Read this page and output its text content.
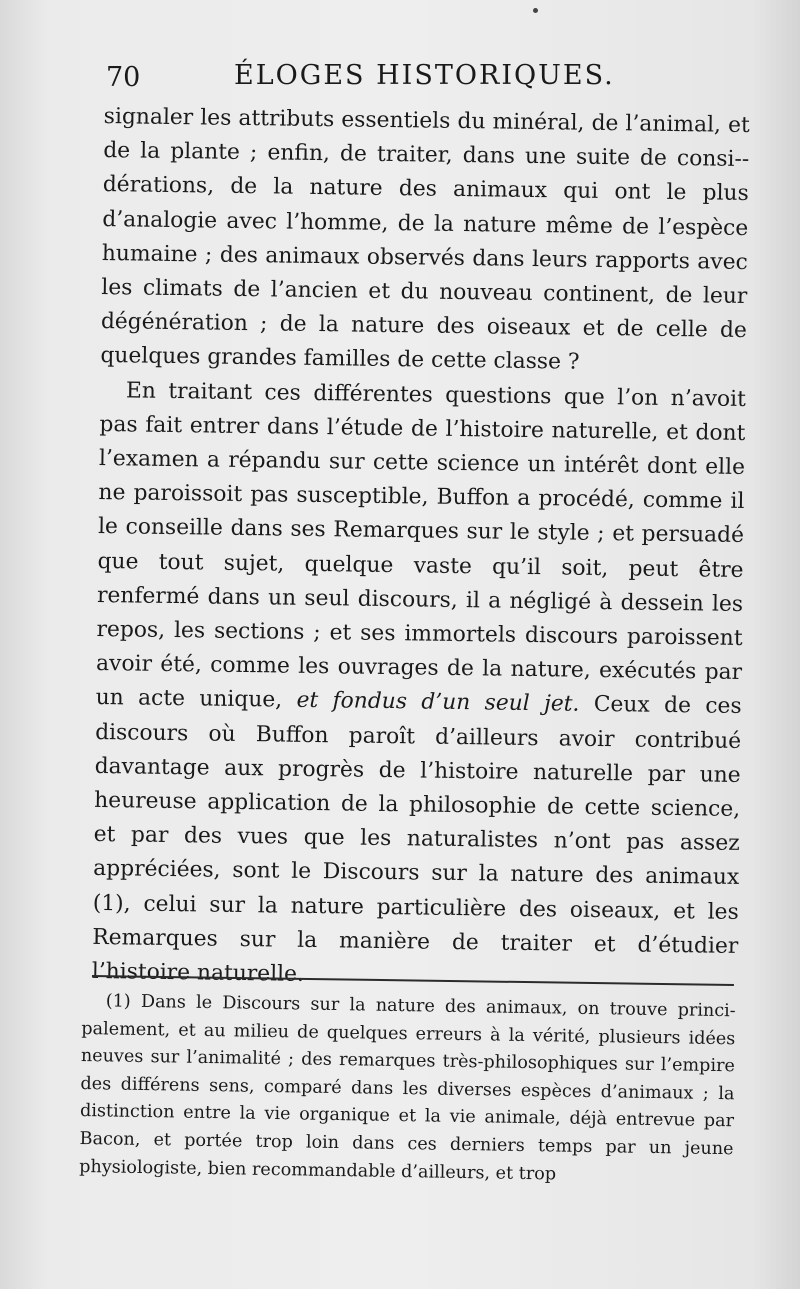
70	ÉLOGES HISTORIQUES.

signaler les attributs essentiels du minéral, de l’animal, et de la plante ; enfin, de traiter, dans une suite de consi-dérations, de la nature des animaux qui ont le plus d’analogie avec l’homme, de la nature même de l’espèce humaine ; des animaux observés dans leurs rapports avec les climats de l’ancien et du nouveau continent, de leur dégénération ; de la nature des oiseaux et de celle de quelques grandes familles de cette classe ?

En traitant ces différentes questions que l’on n’avoit pas fait entrer dans l’étude de l’histoire naturelle, et dont l’examen a répandu sur cette science un intérêt dont elle ne paroissoit pas susceptible, Buffon a procédé, comme il le conseille dans ses Remarques sur le style ; et persuadé que tout sujet, quelque vaste qu’il soit, peut être renfermé dans un seul discours, il a négligé à dessein les repos, les sections ; et ses immortels discours paroissent avoir été, comme les ouvrages de la nature, exécutés par un acte unique, et fondus d’un seul jet. Ceux de ces discours où Buffon paroît d’ailleurs avoir contribué davantage aux progrès de l’histoire naturelle par une heureuse application de la philosophie de cette science, et par des vues que les naturalistes n’ont pas assez appréciées, sont le Discours sur la nature des animaux (1), celui sur la nature particulière des oiseaux, et les Remarques sur la manière de traiter et d’étudier l’histoire naturelle.

(1) Dans le Discours sur la nature des animaux, on trouve principalement, et au milieu de quelques erreurs à la vérité, plusieurs idées neuves sur l’animalité ; des remarques très-philosophiques sur l’empire des différens sens, comparé dans les diverses espèces d’animaux ; la distinction entre la vie organique et la vie animale, déjà entrevue par Bacon, et portée trop loin dans ces derniers temps par un jeune physiologiste, bien recommandable d’ailleurs, et trop
